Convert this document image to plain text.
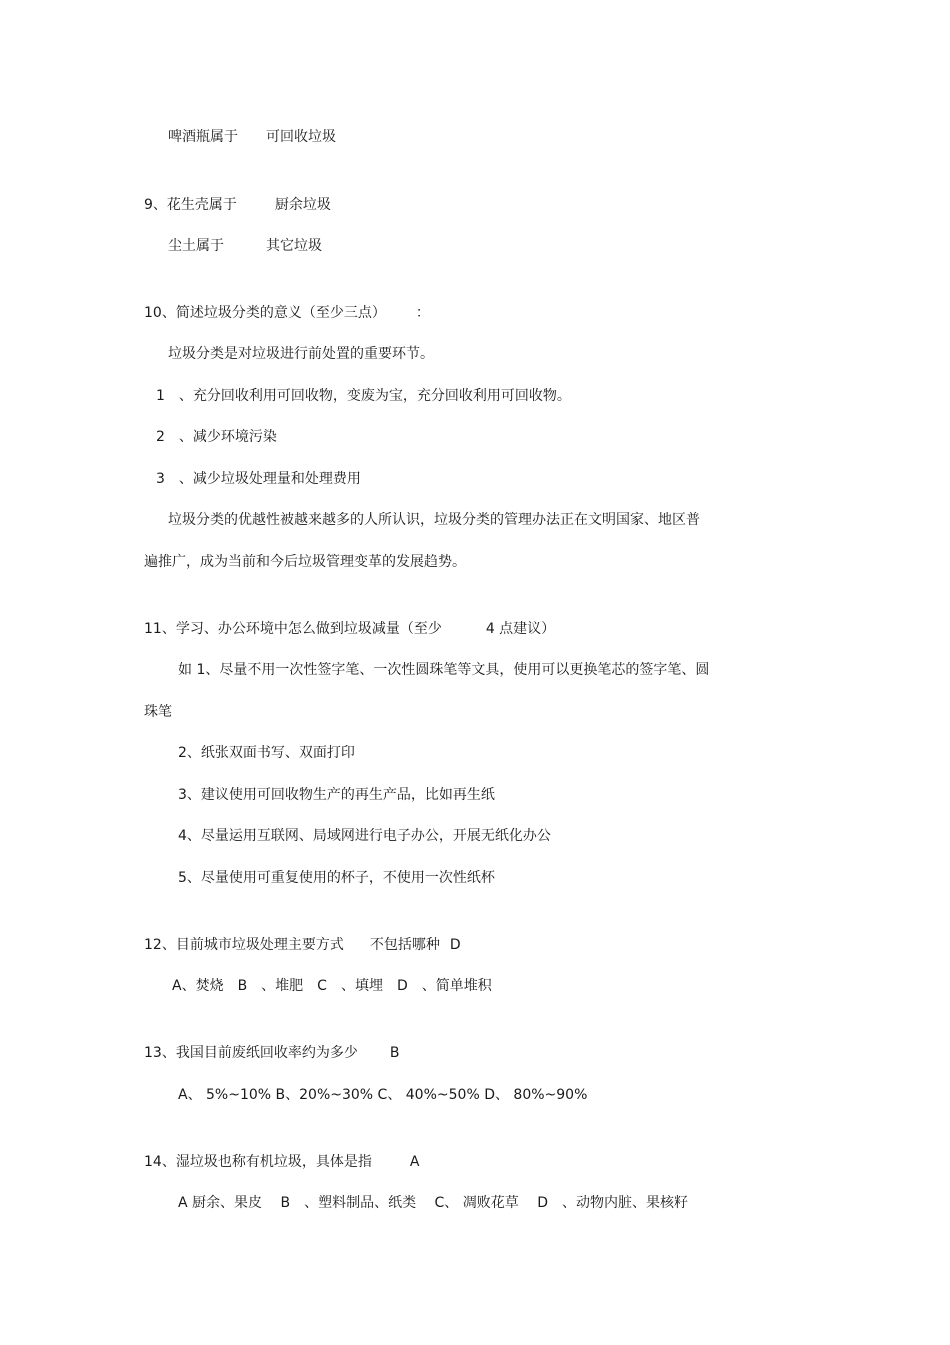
啤酒瓶属于 可回收垃圾
9、花生壳属于	厨余垃圾
尘土属于	其它垃圾
10、简述垃圾分类的意义（至少三点） ：
垃圾分类是对垃圾进行前处置的重要环节。
1 、充分回收利用可回收物，变废为宝，充分回收利用可回收物。
2 、减少环境污染
3 、减少垃圾处理量和处理费用
垃圾分类的优越性被越来越多的人所认识，垃圾分类的管理办法正在文明国家、地区普
遍推广，成为当前和今后垃圾管理变革的发展趋势。
11、学习、办公环境中怎么做到垃圾减量（至少	4 点建议）
如 1、尽量不用一次性签字笔、一次性圆珠笔等文具，使用可以更换笔芯的签字笔、圆
珠笔
2、纸张双面书写、双面打印
3、建议使用可回收物生产的再生产品，比如再生纸
4、尽量运用互联网、局域网进行电子办公，开展无纸化办公
5、尽量使用可重复使用的杯子，不使用一次性纸杯
12、目前城市垃圾处理主要方式 不包括哪种 D
A、焚烧　B　、堆肥　C　、填埋　D　、简单堆积
13、我国目前废纸回收率约为多少 B
A、 5%~10% B、20%~30% C、 40%~50% D、 80%~90%
14、湿垃圾也称有机垃圾，具体是指	A
A 厨余、果皮　 B　、塑料制品、纸类　 C、 凋败花草　 D　、动物内脏、果核籽
